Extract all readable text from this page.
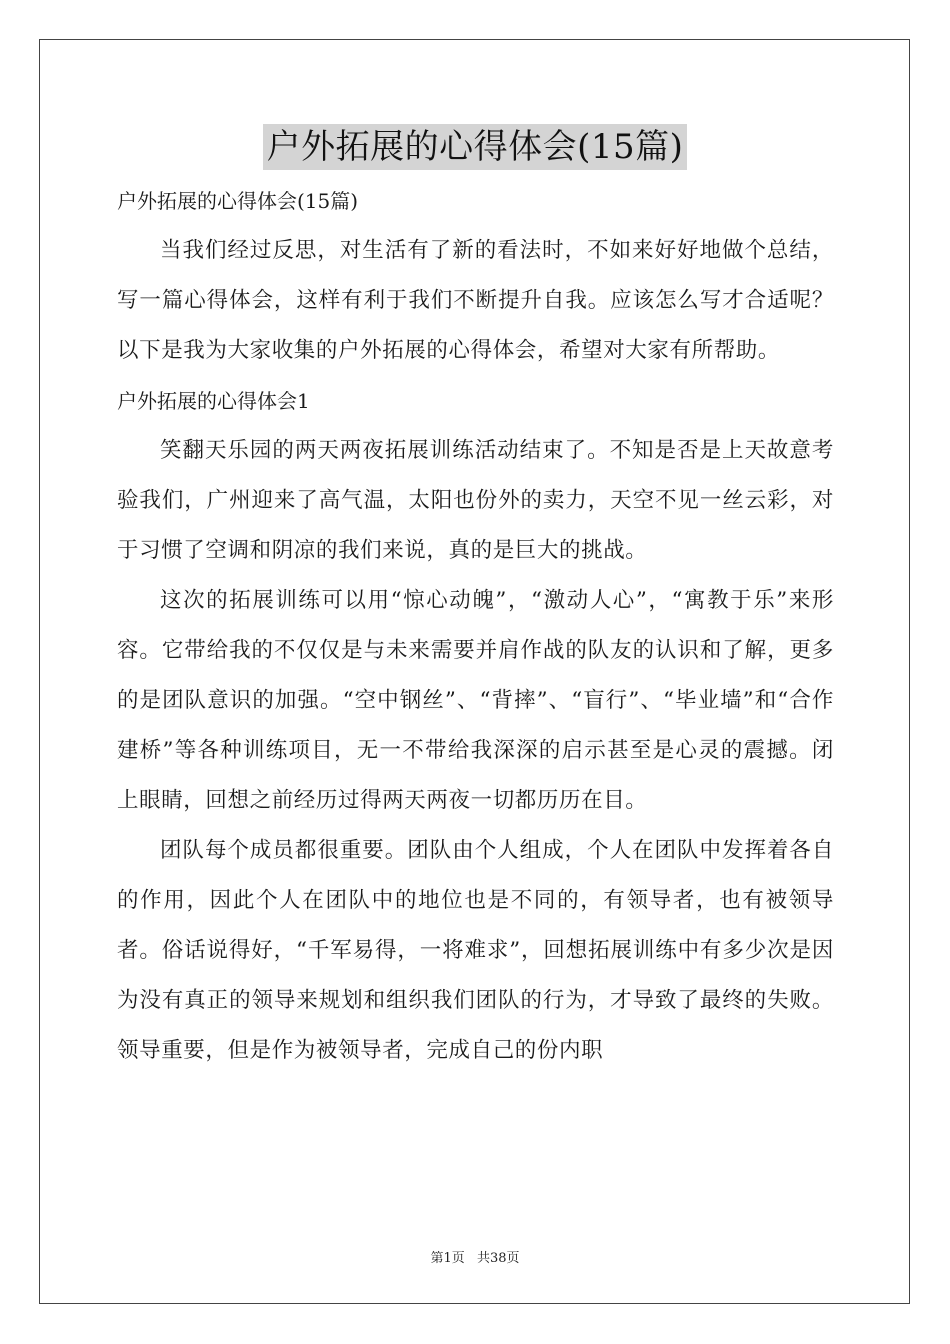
户外拓展的心得体会(15篇)

户外拓展的心得体会(15篇)

当我们经过反思，对生活有了新的看法时，不如来好好地做个总结，写一篇心得体会，这样有利于我们不断提升自我。应该怎么写才合适呢？以下是我为大家收集的户外拓展的心得体会，希望对大家有所帮助。

户外拓展的心得体会1

笑翻天乐园的两天两夜拓展训练活动结束了。不知是否是上天故意考验我们，广州迎来了高气温，太阳也份外的卖力，天空不见一丝云彩，对于习惯了空调和阴凉的我们来说，真的是巨大的挑战。

这次的拓展训练可以用“惊心动魄”，“激动人心”，“寓教于乐”来形容。它带给我的不仅仅是与未来需要并肩作战的队友的认识和了解，更多的是团队意识的加强。“空中钢丝”、“背摔”、“盲行”、“毕业墙”和“合作建桥”等各种训练项目，无一不带给我深深的启示甚至是心灵的震撼。闭上眼睛，回想之前经历过得两天两夜一切都历历在目。

团队每个成员都很重要。团队由个人组成，个人在团队中发挥着各自的作用，因此个人在团队中的地位也是不同的，有领导者，也有被领导者。俗话说得好，“千军易得，一将难求”，回想拓展训练中有多少次是因为没有真正的领导来规划和组织我们团队的行为，才导致了最终的失败。领导重要，但是作为被领导者，完成自己的份内职

第1页 共38页
